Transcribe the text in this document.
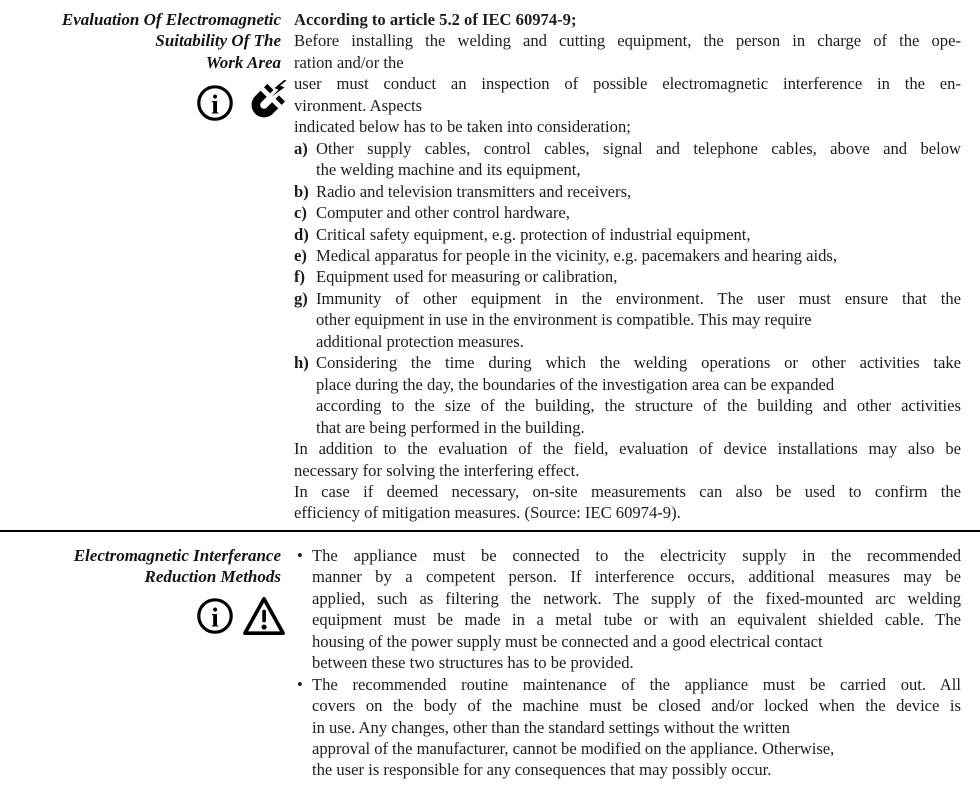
Evaluation Of Electromagnetic
Suitability Of The
Work Area
i
According to article 5.2 of IEC 60974-9;
Before installing the welding and cutting equipment, the person in charge of the ope-
ration and/or the
user must conduct an inspection of possible electromagnetic interference in the en-
vironment. Aspects
indicated below has to be taken into consideration;
a) Other supply cables, control cables, signal and telephone cables, above and below
the welding machine and its equipment,
b) Radio and television transmitters and receivers,
c) Computer and other control hardware,
d) Critical safety equipment, e.g. protection of industrial equipment,
e) Medical apparatus for people in the vicinity, e.g. pacemakers and hearing aids,
f) Equipment used for measuring or calibration,
g) Immunity of other equipment in the environment. The user must ensure that the
other equipment in use in the environment is compatible. This may require
additional protection measures.
h) Considering the time during which the welding operations or other activities take
place during the day, the boundaries of the investigation area can be expanded
according to the size of the building, the structure of the building and other activities
that are being performed in the building.
In addition to the evaluation of the field, evaluation of device installations may also be
necessary for solving the interfering effect.
In case if deemed necessary, on-site measurements can also be used to confirm the
efficiency of mitigation measures. (Source: IEC 60974-9).
Electromagnetic Interferance
Reduction Methods
i
• The appliance must be connected to the electricity supply in the recommended
manner by a competent person. If interference occurs, additional measures may be
applied, such as filtering the network. The supply of the fixed-mounted arc welding
equipment must be made in a metal tube or with an equivalent shielded cable. The
housing of the power supply must be connected and a good electrical contact
between these two structures has to be provided.
• The recommended routine maintenance of the appliance must be carried out. All
covers on the body of the machine must be closed and/or locked when the device is
in use. Any changes, other than the standard settings without the written
approval of the manufacturer, cannot be modified on the appliance. Otherwise,
the user is responsible for any consequences that may possibly occur.
